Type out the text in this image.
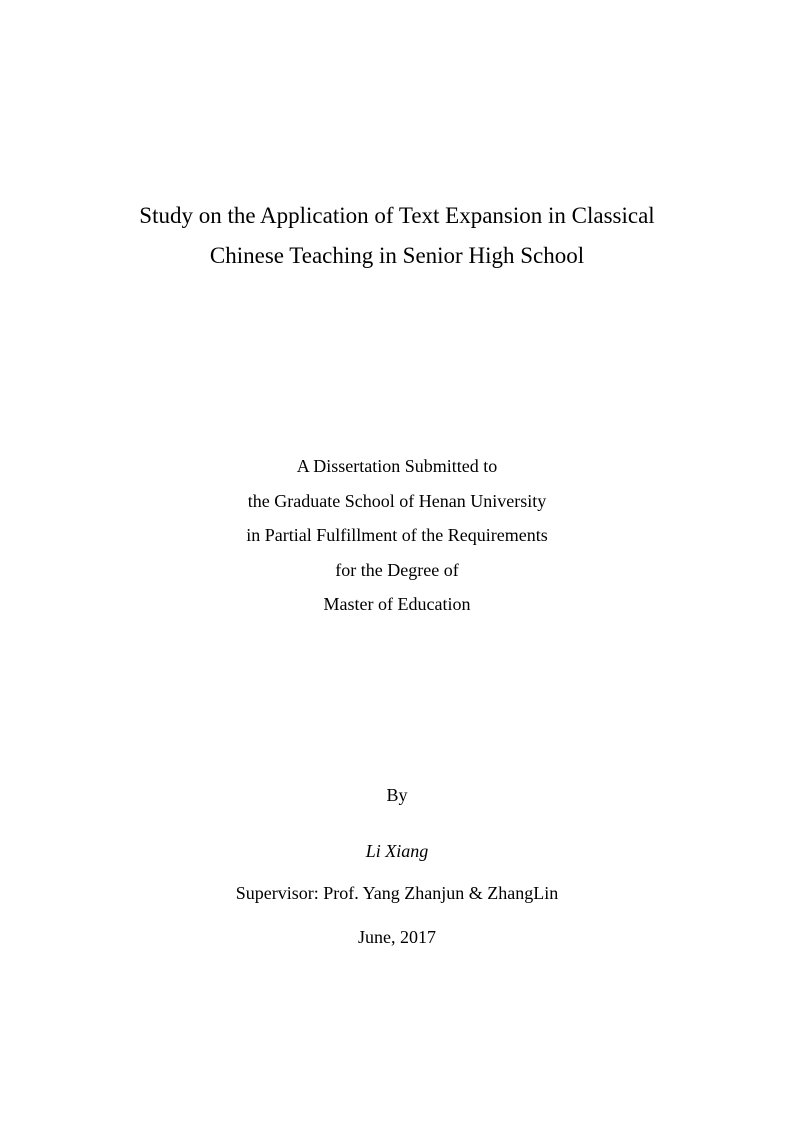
Study on the Application of Text Expansion in Classical
Chinese Teaching in Senior High School
A Dissertation Submitted to
the Graduate School of Henan University
in Partial Fulfillment of the Requirements
for the Degree of
Master of Education
By
Li Xiang
Supervisor: Prof. Yang Zhanjun & ZhangLin
June, 2017
